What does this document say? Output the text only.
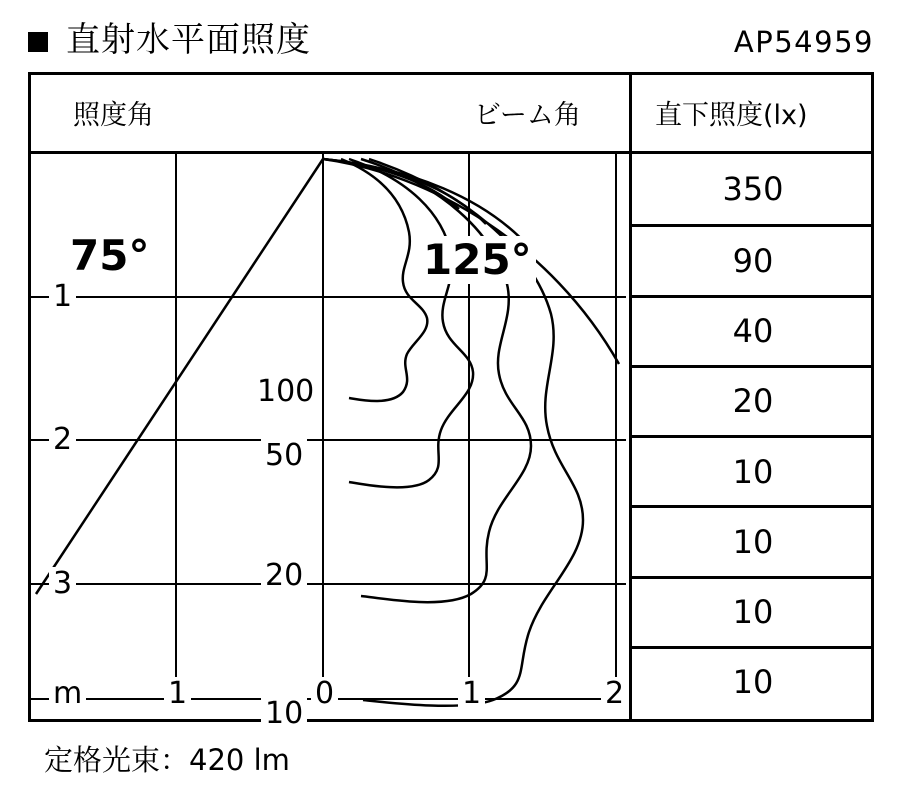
直射水平面照度	AP54959
照度角	ビーム角	直下照度(lx)
100
50
20
10
75°	125°
1
2
3
m	1	0	1	2
350
90
40
20
10
10
10
10
定格光束：420 lm
